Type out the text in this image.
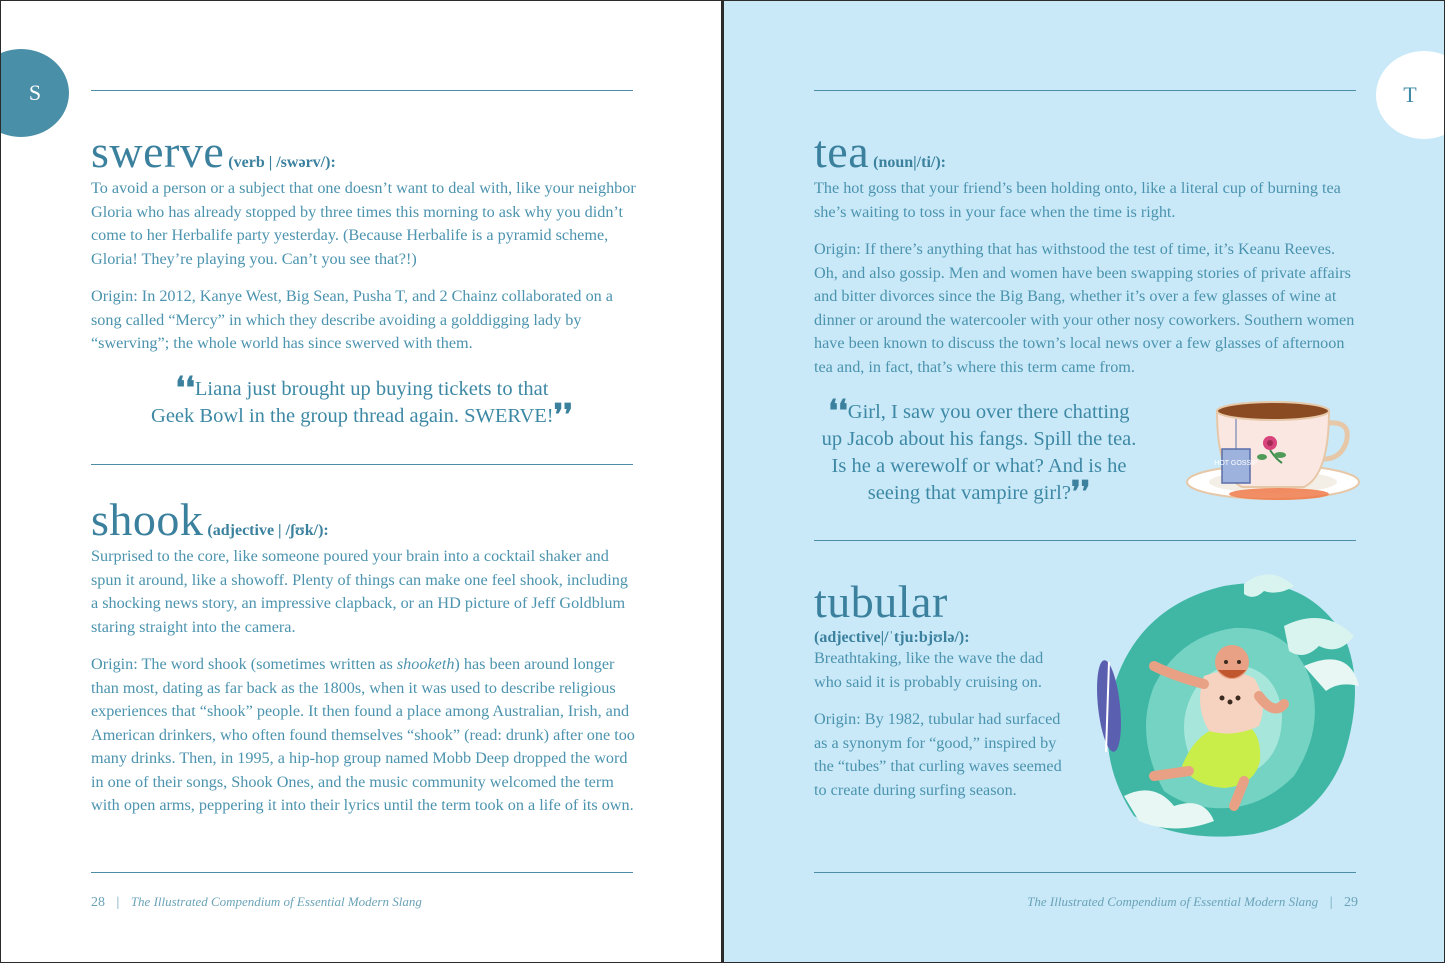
S
swerve (verb | /swərv/):
To avoid a person or a subject that one doesn’t want to deal with, like your neighbor Gloria who has already stopped by three times this morning to ask why you didn’t come to her Herbalife party yesterday. (Because Herbalife is a pyramid scheme, Gloria! They’re playing you. Can’t you see that?!)
Origin: In 2012, Kanye West, Big Sean, Pusha T, and 2 Chainz collaborated on a song called “Mercy” in which they describe avoiding a golddigging lady by “swerving”; the whole world has since swerved with them.
❛❛Liana just brought up buying tickets to that
Geek Bowl in the group thread again. SWERVE!❜❜
shook (adjective | /ʃʊk/):
Surprised to the core, like someone poured your brain into a cocktail shaker and spun it around, like a showoff. Plenty of things can make one feel shook, including a shocking news story, an impressive clapback, or an HD picture of Jeff Goldblum staring straight into the camera.
Origin: The word shook (sometimes written as shooketh) has been around longer than most, dating as far back as the 1800s, when it was used to describe religious experiences that “shook” people. It then found a place among Australian, Irish, and American drinkers, who often found themselves “shook” (read: drunk) after one too many drinks. Then, in 1995, a hip-hop group named Mobb Deep dropped the word in one of their songs, Shook Ones, and the music community welcomed the term with open arms, peppering it into their lyrics until the term took on a life of its own.
28 | The Illustrated Compendium of Essential Modern Slang
T
tea (noun|/ti/):
The hot goss that your friend’s been holding onto, like a literal cup of burning tea she’s waiting to toss in your face when the time is right.
Origin: If there’s anything that has withstood the test of time, it’s Keanu Reeves. Oh, and also gossip. Men and women have been swapping stories of private affairs and bitter divorces since the Big Bang, whether it’s over a few glasses of wine at dinner or around the watercooler with your other nosy coworkers. Southern women have been known to discuss the town’s local news over a few glasses of afternoon tea and, in fact, that’s where this term came from.
❛❛Girl, I saw you over there chatting
up Jacob about his fangs. Spill the tea.
Is he a werewolf or what? And is he
seeing that vampire girl?❜❜
HOT GOSSIP
tubular
(adjective|/ˈtju:bjʊlə/):
Breathtaking, like the wave the dad who said it is probably cruising on.
Origin: By 1982, tubular had surfaced as a synonym for “good,” inspired by the “tubes” that curling waves seemed to create during surfing season.
The Illustrated Compendium of Essential Modern Slang | 29
